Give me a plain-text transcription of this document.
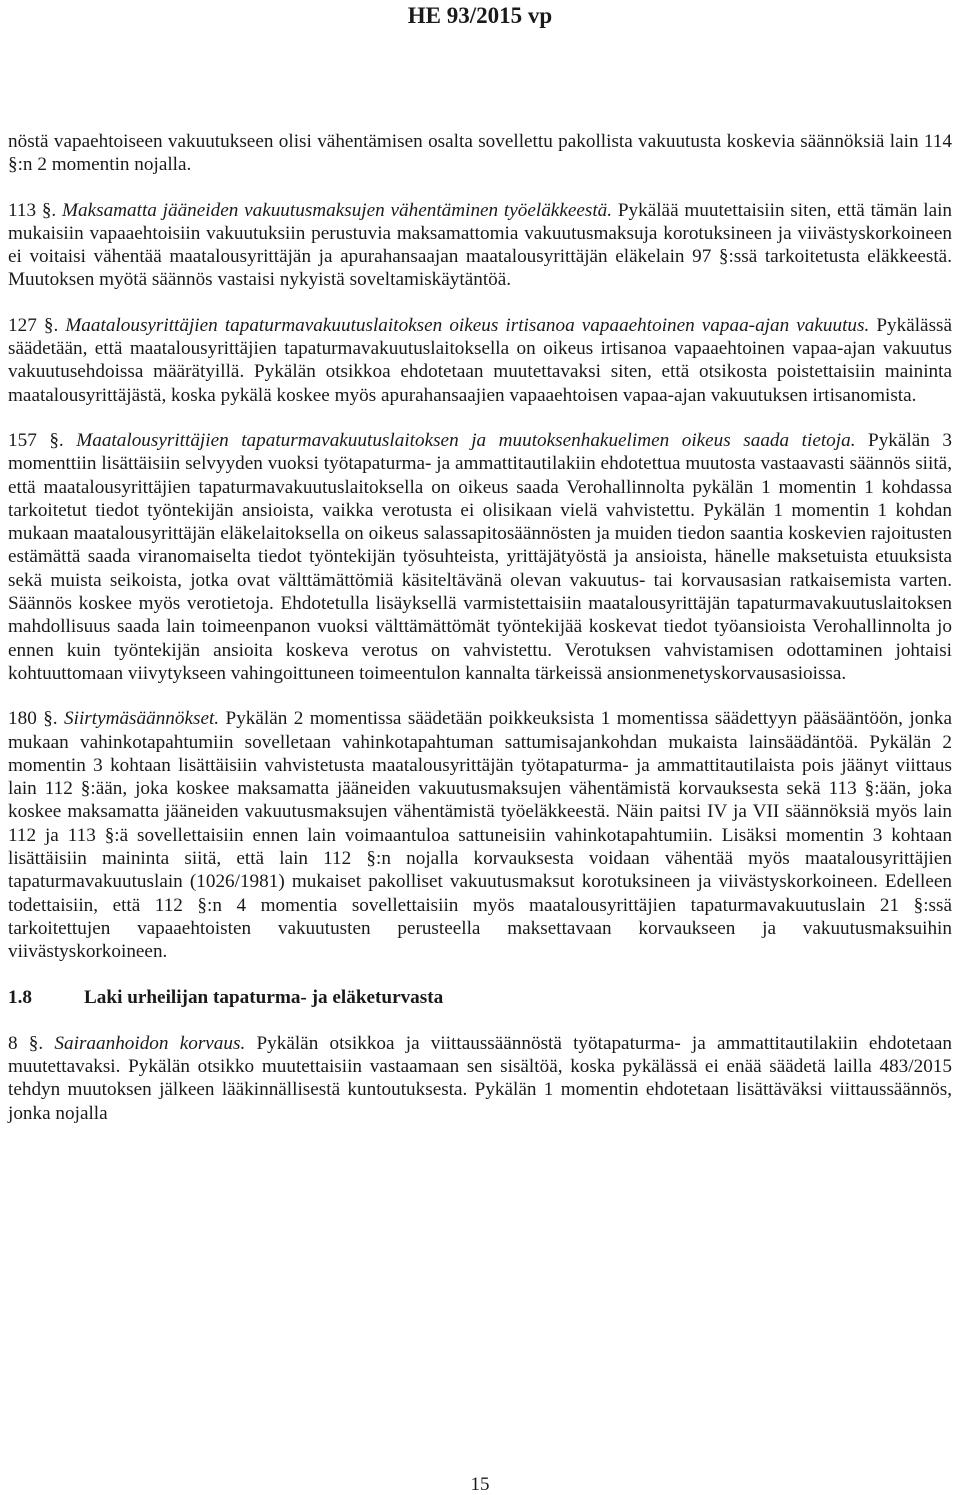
HE 93/2015 vp

nöstä vapaehtoiseen vakuutukseen olisi vähentämisen osalta sovellettu pakollista vakuutusta koskevia säännöksiä lain 114 §:n 2 momentin nojalla.

113 §. Maksamatta jääneiden vakuutusmaksujen vähentäminen työeläkkeestä. Pykälää muutettaisiin siten, että tämän lain mukaisiin vapaaehtoisiin vakuutuksiin perustuvia maksamattomia vakuutusmaksuja korotuksineen ja viivästyskorkoineen ei voitaisi vähentää maatalousyrittäjän ja apurahansaajan maatalousyrittäjän eläkelain 97 §:ssä tarkoitetusta eläkkeestä. Muutoksen myötä säännös vastaisi nykyistä soveltamiskäytäntöä.

127 §. Maatalousyrittäjien tapaturmavakuutuslaitoksen oikeus irtisanoa vapaaehtoinen vapaa-ajan vakuutus. Pykälässä säädetään, että maatalousyrittäjien tapaturmavakuutuslaitoksella on oikeus irtisanoa vapaaehtoinen vapaa-ajan vakuutus vakuutusehdoissa määrätyillä. Pykälän otsikkoa ehdotetaan muutettavaksi siten, että otsikosta poistettaisiin maininta maatalousyrittäjästä, koska pykälä koskee myös apurahansaajien vapaaehtoisen vapaa-ajan vakuutuksen irtisanomista.

157 §. Maatalousyrittäjien tapaturmavakuutuslaitoksen ja muutoksenhakuelimen oikeus saada tietoja. Pykälän 3 momenttiin lisättäisiin selvyyden vuoksi työtapaturma- ja ammattitautilakiin ehdotettua muutosta vastaavasti säännös siitä, että maatalousyrittäjien tapaturmavakuutuslaitoksella on oikeus saada Verohallinnolta pykälän 1 momentin 1 kohdassa tarkoitetut tiedot työntekijän ansioista, vaikka verotusta ei olisikaan vielä vahvistettu. Pykälän 1 momentin 1 kohdan mukaan maatalousyrittäjän eläkelaitoksella on oikeus salassapitosäännösten ja muiden tiedon saantia koskevien rajoitusten estämättä saada viranomaiselta tiedot työntekijän työsuhteista, yrittäjätyöstä ja ansioista, hänelle maksetuista etuuksista sekä muista seikoista, jotka ovat välttämättömiä käsiteltävänä olevan vakuutus- tai korvausasian ratkaisemista varten. Säännös koskee myös verotietoja. Ehdotetulla lisäyksellä varmistettaisiin maatalousyrittäjän tapaturmavakuutuslaitoksen mahdollisuus saada lain toimeenpanon vuoksi välttämättömät työntekijää koskevat tiedot työansioista Verohallinnolta jo ennen kuin työntekijän ansioita koskeva verotus on vahvistettu. Verotuksen vahvistamisen odottaminen johtaisi kohtuuttomaan viivytykseen vahingoittuneen toimeentulon kannalta tärkeissä ansionmenetyskorvausasioissa.

180 §. Siirtymäsäännökset. Pykälän 2 momentissa säädetään poikkeuksista 1 momentissa säädettyyn pääsääntöön, jonka mukaan vahinkotapahtumiin sovelletaan vahinkotapahtuman sattumisajankohdan mukaista lainsäädäntöä. Pykälän 2 momentin 3 kohtaan lisättäisiin vahvistetusta maatalousyrittäjän työtapaturma- ja ammattitautilaista pois jäänyt viittaus lain 112 §:ään, joka koskee maksamatta jääneiden vakuutusmaksujen vähentämistä korvauksesta sekä 113 §:ään, joka koskee maksamatta jääneiden vakuutusmaksujen vähentämistä työeläkkeestä. Näin paitsi IV ja VII säännöksiä myös lain 112 ja 113 §:ä sovellettaisiin ennen lain voimaantuloa sattuneisiin vahinkotapahtumiin. Lisäksi momentin 3 kohtaan lisättäisiin maininta siitä, että lain 112 §:n nojalla korvauksesta voidaan vähentää myös maatalousyrittäjien tapaturmavakuutuslain (1026/1981) mukaiset pakolliset vakuutusmaksut korotuksineen ja viivästyskorkoineen. Edelleen todettaisiin, että 112 §:n 4 momentia sovellettaisiin myös maatalousyrittäjien tapaturmavakuutuslain 21 §:ssä tarkoitettujen vapaaehtoisten vakuutusten perusteella maksettavaan korvaukseen ja vakuutusmaksuihin viivästyskorkoineen.

1.8	Laki urheilijan tapaturma- ja eläketurvasta

8 §. Sairaanhoidon korvaus. Pykälän otsikkoa ja viittaussäännöstä työtapaturma- ja ammattitautilakiin ehdotetaan muutettavaksi. Pykälän otsikko muutettaisiin vastaamaan sen sisältöä, koska pykälässä ei enää säädetä lailla 483/2015 tehdyn muutoksen jälkeen lääkinnällisestä kuntoutuksesta. Pykälän 1 momentin ehdotetaan lisättäväksi viittaussäännös, jonka nojalla

15
